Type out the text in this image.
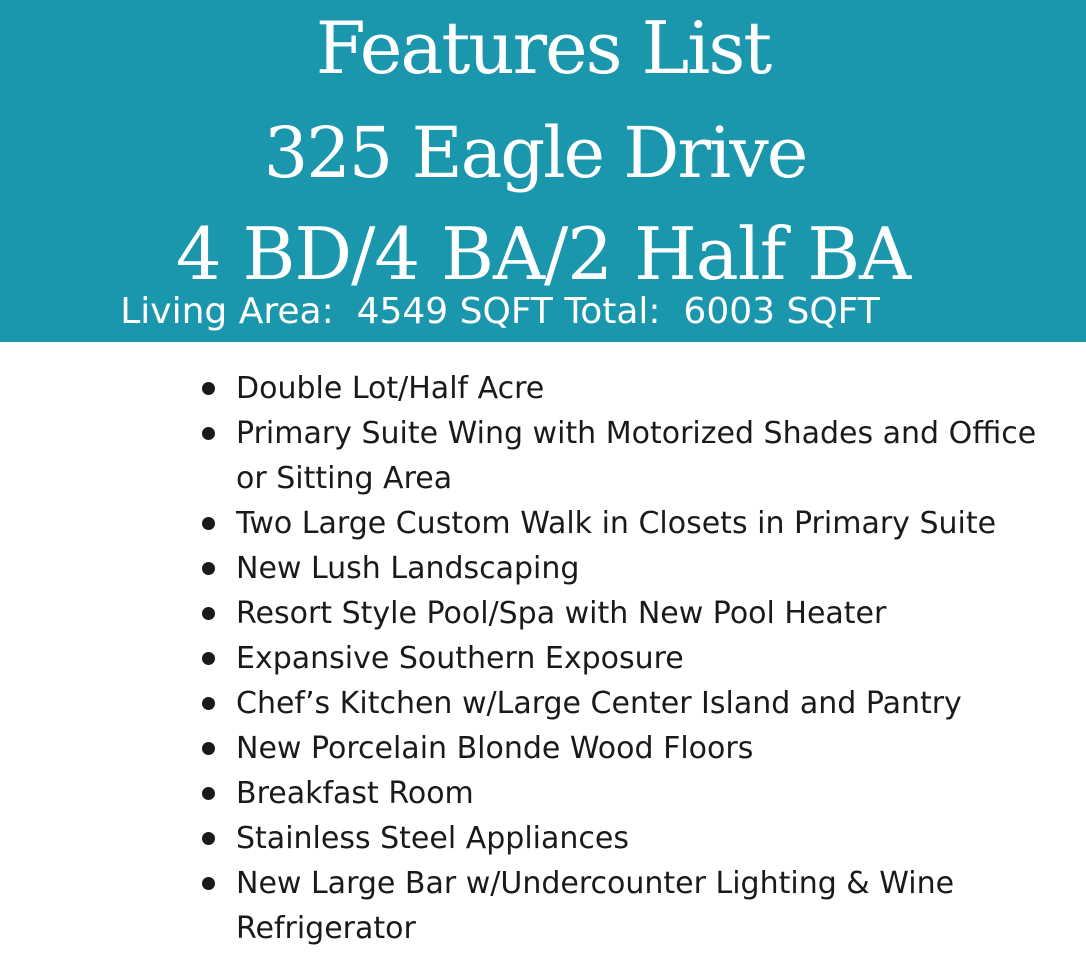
Features List
325 Eagle Drive
4 BD/4 BA/2 Half BA
Living Area:  4549 SQFT Total:  6003 SQFT
Double Lot/Half Acre
Primary Suite Wing with Motorized Shades and Office or Sitting Area
Two Large Custom Walk in Closets in Primary Suite
New Lush Landscaping
Resort Style Pool/Spa with New Pool Heater
Expansive Southern Exposure
Chef’s Kitchen w/Large Center Island and Pantry
New Porcelain Blonde Wood Floors
Breakfast Room
Stainless Steel Appliances
New Large Bar w/Undercounter Lighting & Wine Refrigerator
